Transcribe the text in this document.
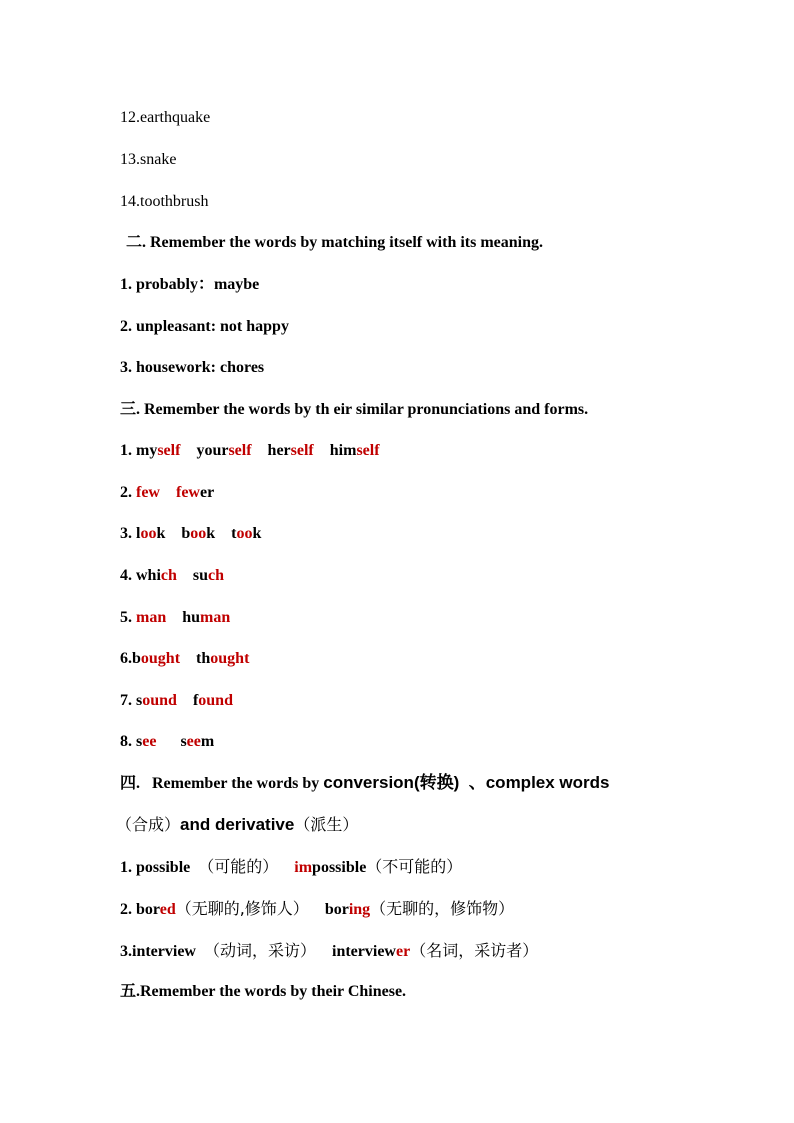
12.earthquake
13.snake
14.toothbrush
二. Remember the words by matching itself with its meaning.
1. probably：maybe
2. unpleasant: not happy
3. housework: chores
三. Remember the words by th eir similar pronunciations and forms.
1. myself    yourself    herself    himself
2. few fewer
3. look    book    took
4. which    such
5. man    human
6.bought    thought
7. sound    found
8. see      seem
四.   Remember the words by conversion(转换)  、complex words
（合成）and derivative（派生）
1. possible  （可能的） impossible（不可能的）
2. bored（无聊的,修饰人）    boring（无聊的，修饰物）
3.interview  （动词，采访）    interviewer（名词，采访者）
五.Remember the words by their Chinese.
